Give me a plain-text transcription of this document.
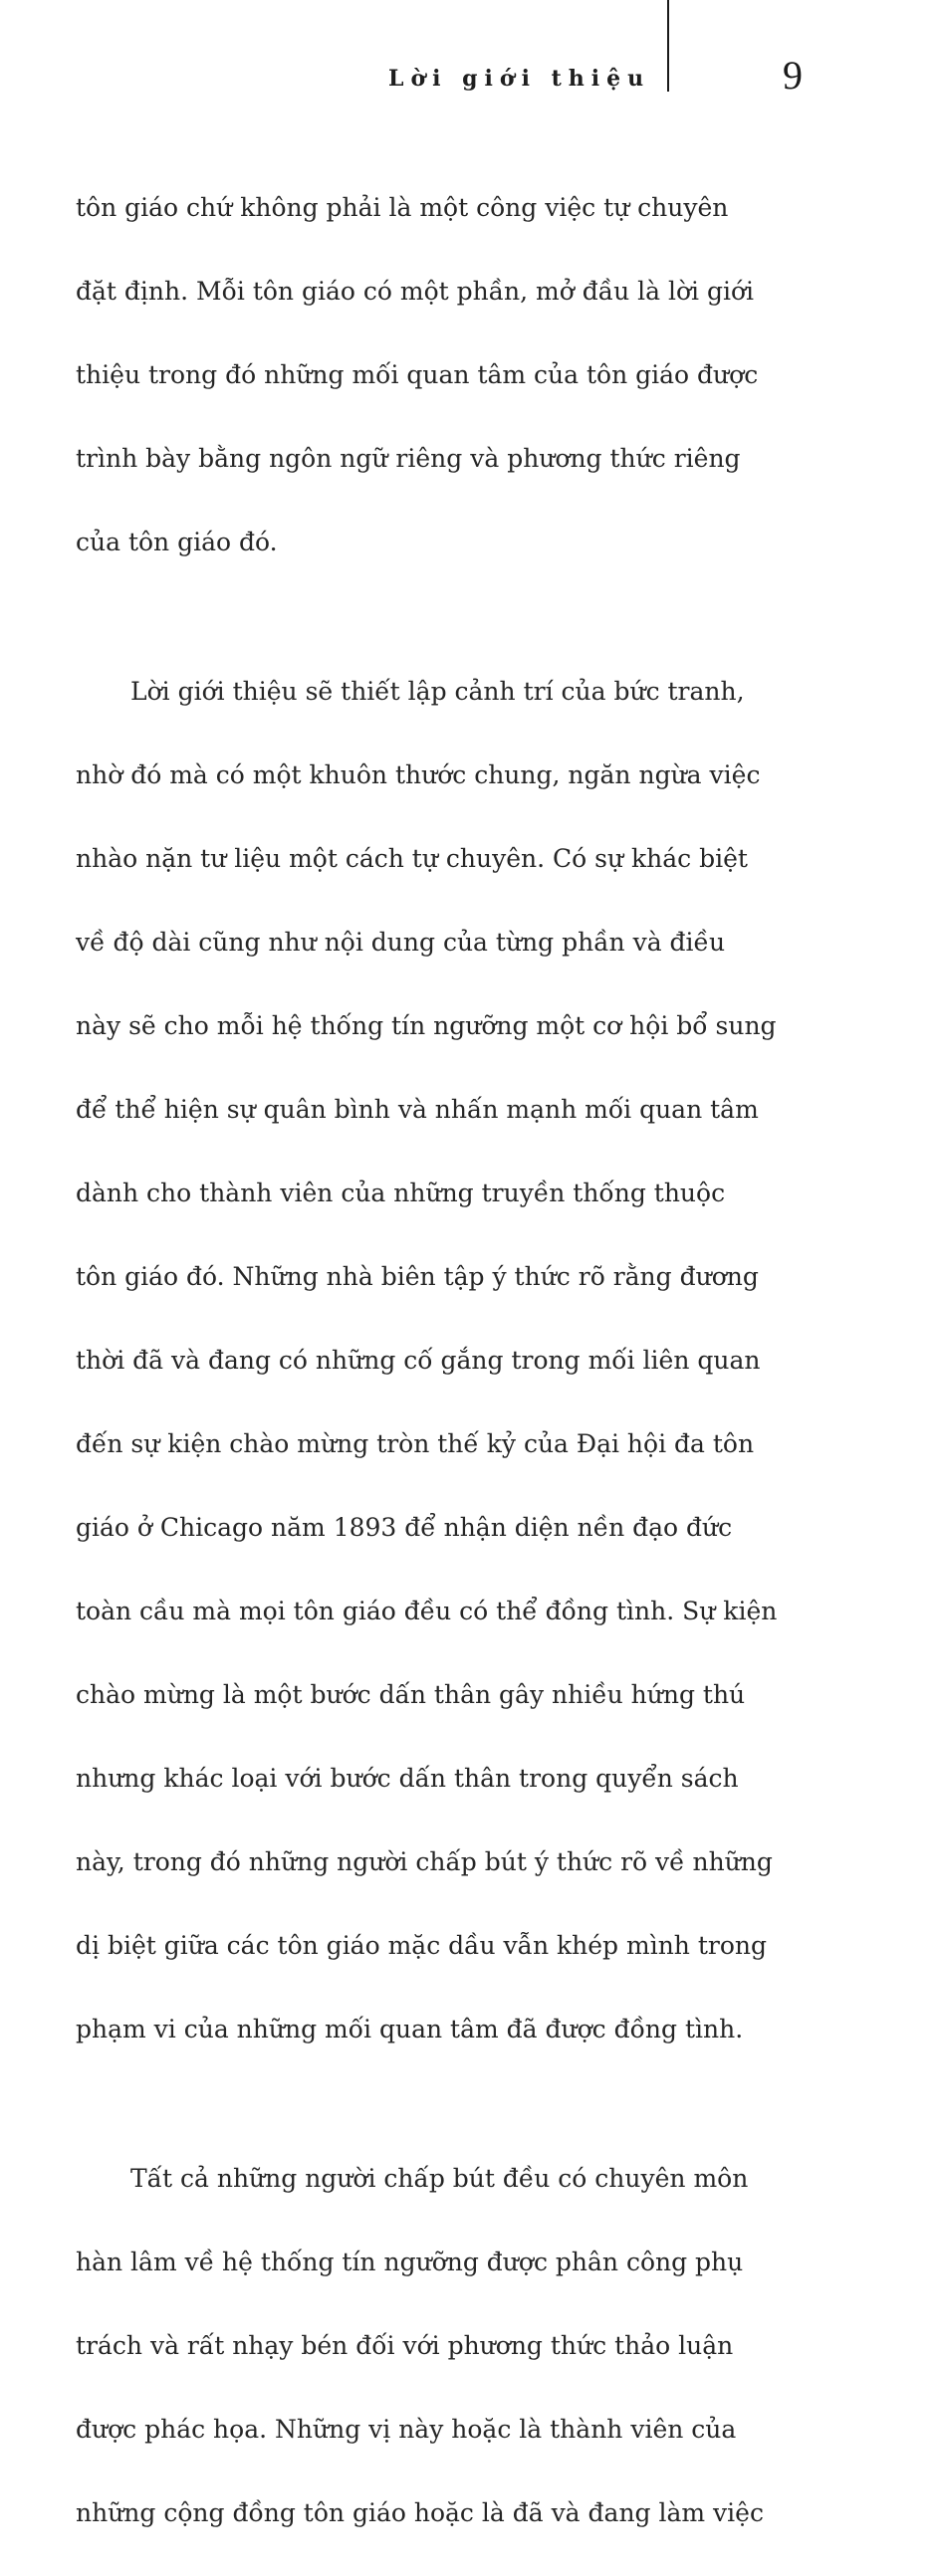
Lời giới thiệu	9

tôn giáo chứ không phải là một công việc tự chuyên

đặt định. Mỗi tôn giáo có một phần, mở đầu là lời giới

thiệu trong đó những mối quan tâm của tôn giáo được

trình bày bằng ngôn ngữ riêng và phương thức riêng

của tôn giáo đó.

Lời giới thiệu sẽ thiết lập cảnh trí của bức tranh,

nhờ đó mà có một khuôn thước chung, ngăn ngừa việc

nhào nặn tư liệu một cách tự chuyên. Có sự khác biệt

về độ dài cũng như nội dung của từng phần và điều

này sẽ cho mỗi hệ thống tín ngưỡng một cơ hội bổ sung

để thể hiện sự quân bình và nhấn mạnh mối quan tâm

dành cho thành viên của những truyền thống thuộc

tôn giáo đó. Những nhà biên tập ý thức rõ rằng đương

thời đã và đang có những cố gắng trong mối liên quan

đến sự kiện chào mừng tròn thế kỷ của Đại hội đa tôn

giáo ở Chicago năm 1893 để nhận diện nền đạo đức

toàn cầu mà mọi tôn giáo đều có thể đồng tình. Sự kiện

chào mừng là một bước dấn thân gây nhiều hứng thú

nhưng khác loại với bước dấn thân trong quyển sách

này, trong đó những người chấp bút ý thức rõ về những

dị biệt giữa các tôn giáo mặc dầu vẫn khép mình trong

phạm vi của những mối quan tâm đã được đồng tình.

Tất cả những người chấp bút đều có chuyên môn

hàn lâm về hệ thống tín ngưỡng được phân công phụ

trách và rất nhạy bén đối với phương thức thảo luận

được phác họa. Những vị này hoặc là thành viên của

những cộng đồng tôn giáo hoặc là đã và đang làm việc
